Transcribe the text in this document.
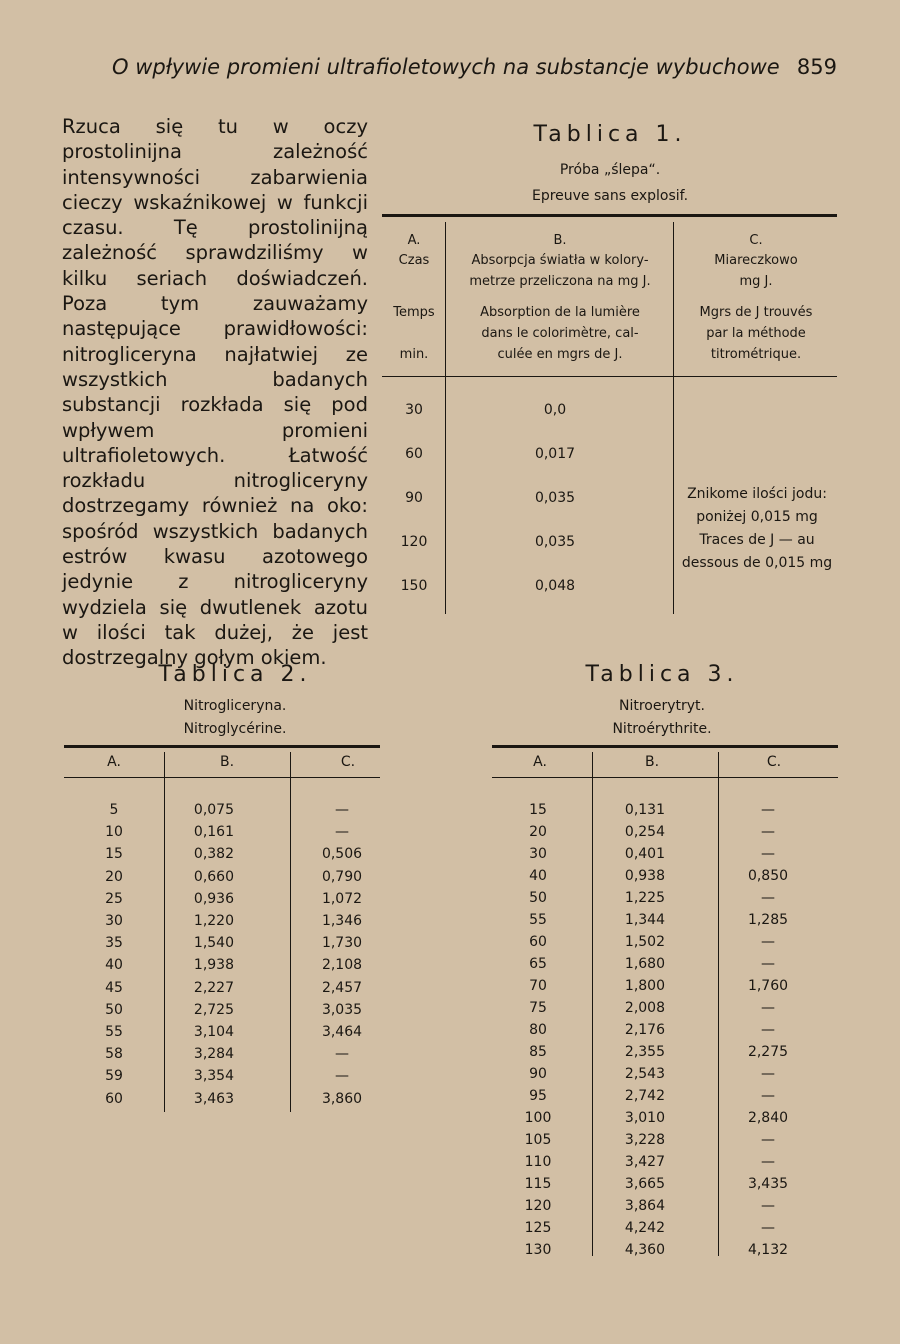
O wpływie promieni ultrafioletowych na substancje wybuchowe 859
Rzuca się tu w oczy prostolinijna zależność intensywności zabarwienia cieczy wskaźnikowej w funkcji czasu. Tę prostolinijną zależność sprawdziliśmy w kilku seriach doświadczeń. Poza tym zauważamy następujące prawidłowości: nitrogliceryna najłatwiej ze wszystkich badanych substancji rozkłada się pod wpływem promieni ultrafioletowych. Łatwość rozkładu nitrogliceryny dostrzegamy również na oko: spośród wszystkich badanych estrów kwasu azotowego jedynie z nitrogliceryny wydziela się dwutlenek azotu w ilości tak dużej, że jest dostrzegalny gołym okiem.
Tablica 1.
Próba „ślepa“.
Epreuve sans explosif.
A.
Czas
Temps
min.
B.
Absorpcja światła w kolory-
metrze przeliczona na mg J.
Absorption de la lumière
dans le colorimètre, cal-
culée en mgrs de J.
C.
Miareczkowo
mg J.
Mgrs de J trouvés
par la méthode
titrométrique.
30	0,0
60	0,017
90	0,035
120	0,035
150	0,048
Znikome ilości jodu:
poniżej 0,015 mg
Traces de J — au
dessous de 0,015 mg
Tablica 2.
Nitrogliceryna.
Nitroglycérine.
A.	B.	C.
5	0,075	—
10	0,161	—
15	0,382	0,506
20	0,660	0,790
25	0,936	1,072
30	1,220	1,346
35	1,540	1,730
40	1,938	2,108
45	2,227	2,457
50	2,725	3,035
55	3,104	3,464
58	3,284	—
59	3,354	—
60	3,463	3,860
Tablica 3.
Nitroerytryt.
Nitroérythrite.
A.	B.	C.
15	0,131	—
20	0,254	—
30	0,401	—
40	0,938	0,850
50	1,225	—
55	1,344	1,285
60	1,502	—
65	1,680	—
70	1,800	1,760
75	2,008	—
80	2,176	—
85	2,355	2,275
90	2,543	—
95	2,742	—
100	3,010	2,840
105	3,228	—
110	3,427	—
115	3,665	3,435
120	3,864	—
125	4,242	—
130	4,360	4,132
